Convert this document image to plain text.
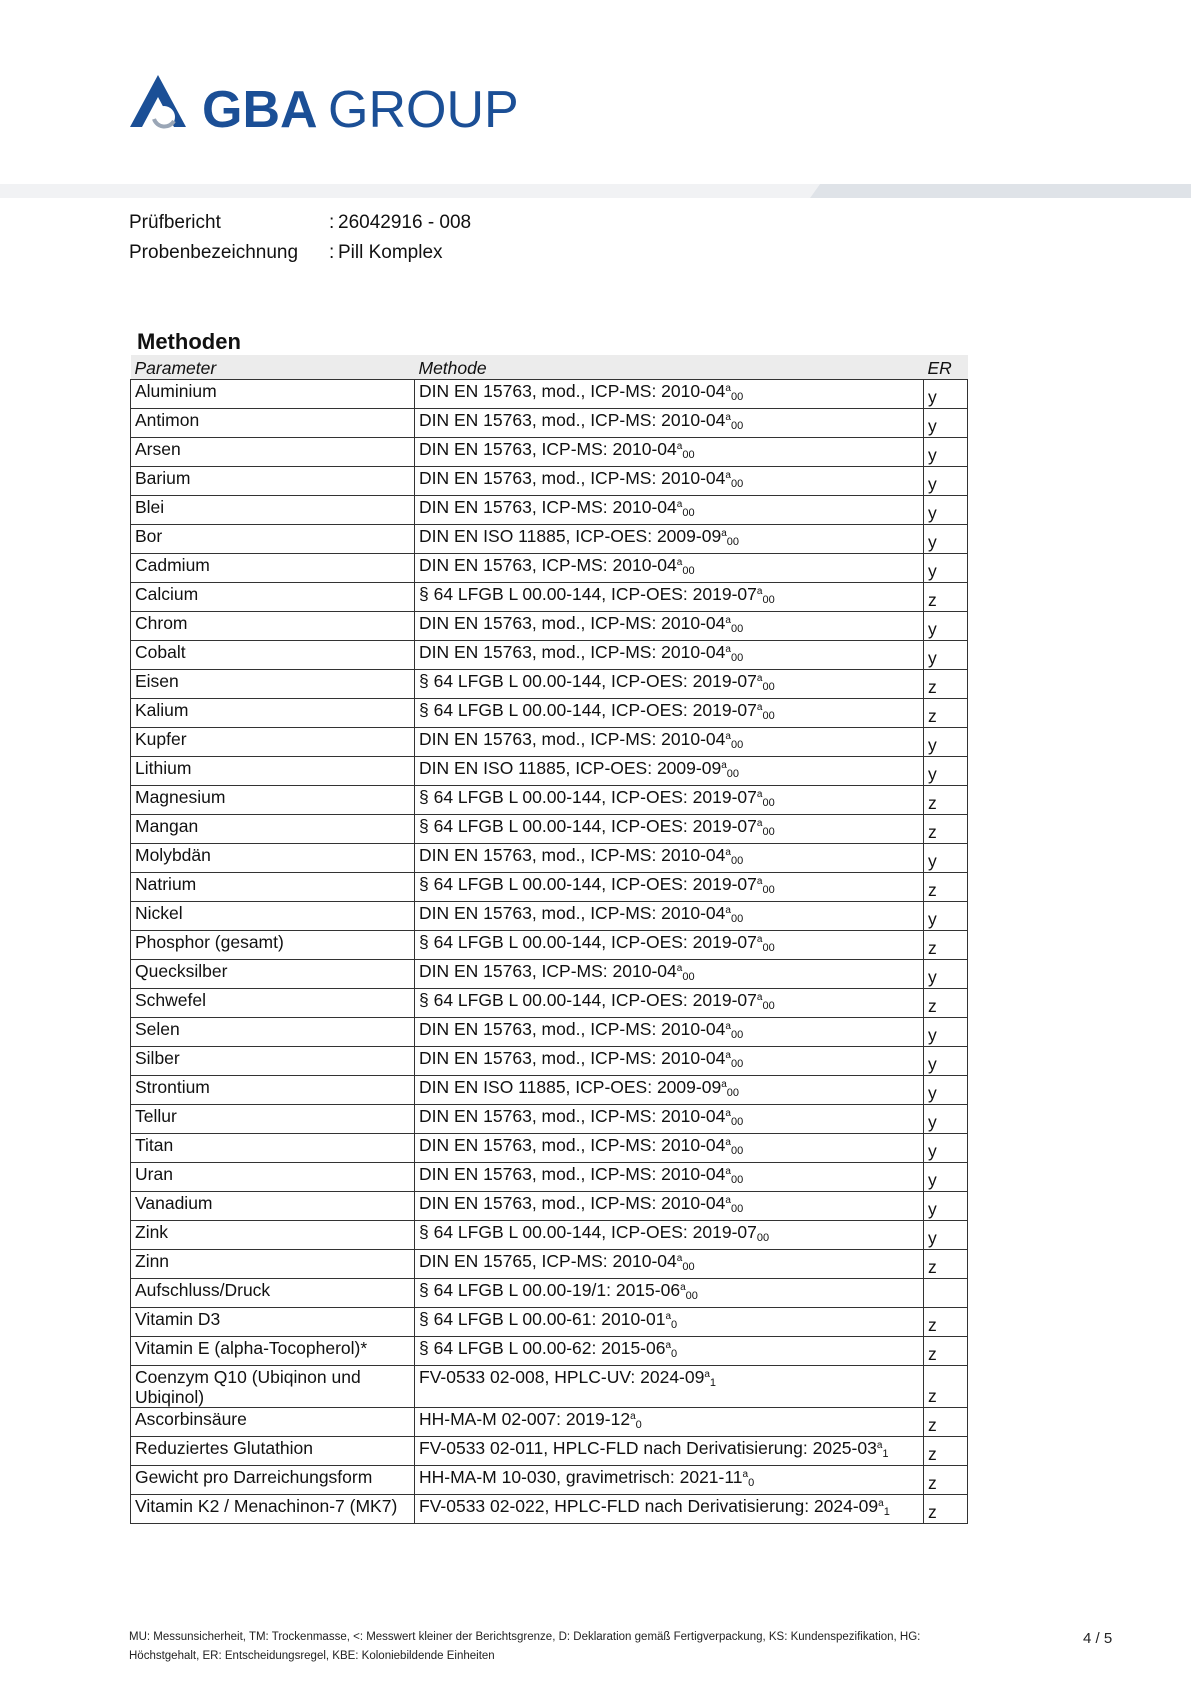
GBA GROUP
Prüfbericht	: 26042916 - 008
Probenbezeichnung	: Pill Komplex
Methoden
Parameter	Methode	ER
Aluminium	DIN EN 15763, mod., ICP-MS: $2010-04^a_{00}$	y
Antimon	DIN EN 15763, mod., ICP-MS: $2010-04^a_{00}$	y
Arsen	DIN EN 15763, ICP-MS: $2010-04^a_{00}$	y
Barium	DIN EN 15763, mod., ICP-MS: $2010-04^a_{00}$	y
Blei	DIN EN 15763, ICP-MS: $2010-04^a_{00}$	y
Bor	DIN EN ISO 11885, ICP-OES: $2009-09^a_{00}$	y
Cadmium	DIN EN 15763, ICP-MS: $2010-04^a_{00}$	y
Calcium	§ 64 LFGB L 00.00-144, ICP-OES: $2019-07^a_{00}$	z
Chrom	DIN EN 15763, mod., ICP-MS: $2010-04^a_{00}$	y
Cobalt	DIN EN 15763, mod., ICP-MS: $2010-04^a_{00}$	y
Eisen	§ 64 LFGB L 00.00-144, ICP-OES: $2019-07^a_{00}$	z
Kalium	§ 64 LFGB L 00.00-144, ICP-OES: $2019-07^a_{00}$	z
Kupfer	DIN EN 15763, mod., ICP-MS: $2010-04^a_{00}$	y
Lithium	DIN EN ISO 11885, ICP-OES: $2009-09^a_{00}$	y
Magnesium	§ 64 LFGB L 00.00-144, ICP-OES: $2019-07^a_{00}$	z
Mangan	§ 64 LFGB L 00.00-144, ICP-OES: $2019-07^a_{00}$	z
Molybdän	DIN EN 15763, mod., ICP-MS: $2010-04^a_{00}$	y
Natrium	§ 64 LFGB L 00.00-144, ICP-OES: $2019-07^a_{00}$	z
Nickel	DIN EN 15763, mod., ICP-MS: $2010-04^a_{00}$	y
Phosphor (gesamt)	§ 64 LFGB L 00.00-144, ICP-OES: $2019-07^a_{00}$	z
Quecksilber	DIN EN 15763, ICP-MS: $2010-04^a_{00}$	y
Schwefel	§ 64 LFGB L 00.00-144, ICP-OES: $2019-07^a_{00}$	z
Selen	DIN EN 15763, mod., ICP-MS: $2010-04^a_{00}$	y
Silber	DIN EN 15763, mod., ICP-MS: $2010-04^a_{00}$	y
Strontium	DIN EN ISO 11885, ICP-OES: $2009-09^a_{00}$	y
Tellur	DIN EN 15763, mod., ICP-MS: $2010-04^a_{00}$	y
Titan	DIN EN 15763, mod., ICP-MS: $2010-04^a_{00}$	y
Uran	DIN EN 15763, mod., ICP-MS: $2010-04^a_{00}$	y
Vanadium	DIN EN 15763, mod., ICP-MS: $2010-04^a_{00}$	y
Zink	§ 64 LFGB L 00.00-144, ICP-OES: $2019-07_{00}$	y
Zinn	DIN EN 15765, ICP-MS: $2010-04^a_{00}$	z
Aufschluss/Druck	§ 64 LFGB L 00.00-19/1: $2015-06^a_{00}$	
Vitamin D3	§ 64 LFGB L 00.00-61: $2010-01^a_0$	z
Vitamin E (alpha-Tocopherol)*	§ 64 LFGB L 00.00-62: $2015-06^a_0$	z
Coenzym Q10 (Ubiqinon und Ubiqinol)	FV-0533 02-008, HPLC-UV: $2024-09^a_1$	z
Ascorbinsäure	HH-MA-M 02-007: $2019-12^a_0$	z
Reduziertes Glutathion	FV-0533 02-011, HPLC-FLD nach Derivatisierung: $2025-03^a_1$	z
Gewicht pro Darreichungsform	HH-MA-M 10-030, gravimetrisch: $2021-11^a_0$	z
Vitamin K2 / Menachinon-7 (MK7)	FV-0533 02-022, HPLC-FLD nach Derivatisierung: $2024-09^a_1$	z
MU: Messunsicherheit, TM: Trockenmasse, <: Messwert kleiner der Berichtsgrenze, D: Deklaration gemäß Fertigverpackung, KS: Kundenspezifikation, HG: Höchstgehalt, ER: Entscheidungsregel, KBE: Koloniebildende Einheiten
4 / 5
